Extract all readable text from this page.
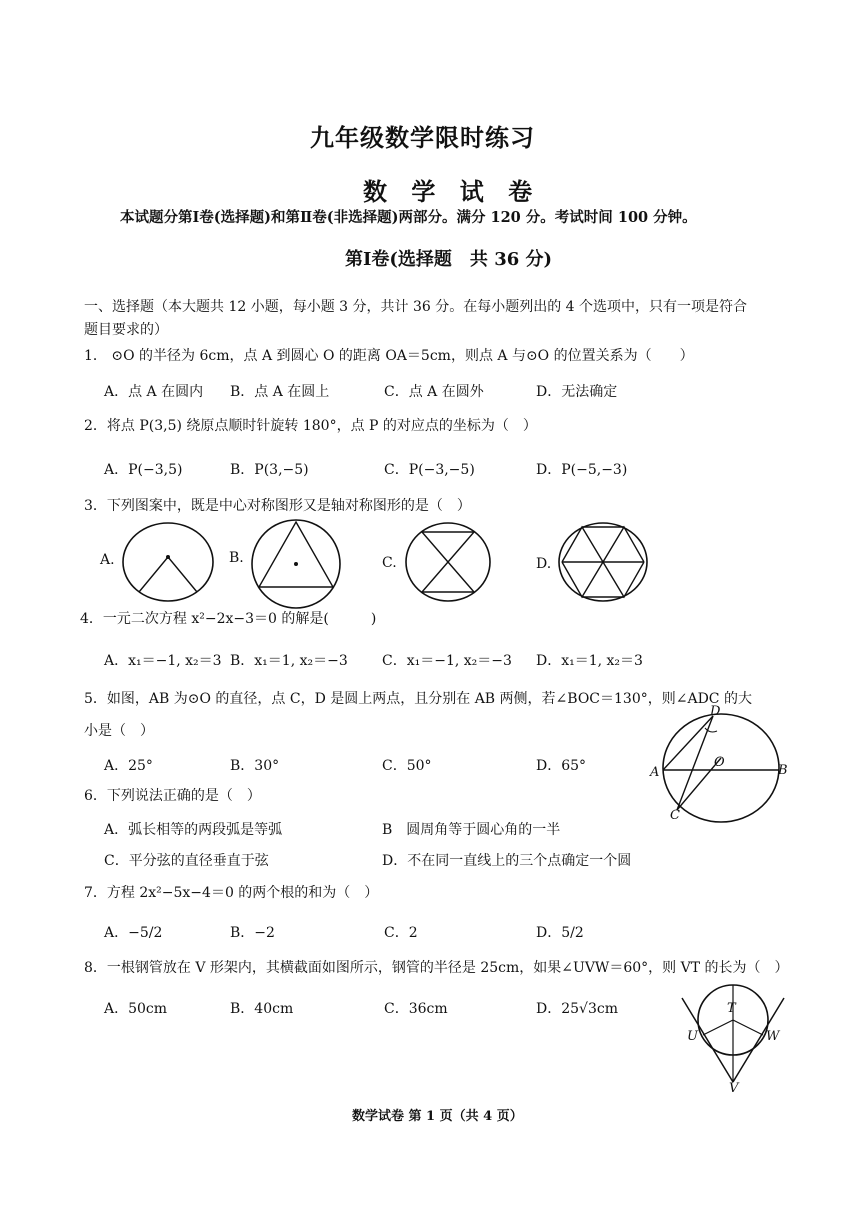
九年级数学限时练习
数 学 试 卷
本试题分第Ⅰ卷(选择题)和第Ⅱ卷(非选择题)两部分。满分 120 分。考试时间 100 分钟。
第Ⅰ卷(选择题　共 36 分)
一、选择题（本大题共 12 小题，每小题 3 分，共计 36 分。在每小题列出的 4 个选项中，只有一项是符合
题目要求的）
1． ⊙O 的半径为 6cm，点 A 到圆心 O 的距离 OA＝5cm，则点 A 与⊙O 的位置关系为（　　）
A．点 A 在圆内 B．点 A 在圆上	C．点 A 在圆外	D．无法确定
2．将点 P(3,5) 绕原点顺时针旋转 180°，点 P 的对应点的坐标为（　）
A．P(−3,5)	B．P(3,−5)	C．P(−3,−5)	D．P(−5,−3)
3．下列图案中，既是中心对称图形又是轴对称图形的是（　）
A.	B.	C.	D.
4．一元二次方程 x²−2x−3＝0 的解是(　　　)
A．x₁＝−1, x₂＝3 B．x₁＝1, x₂＝−3 C．x₁＝−1, x₂＝−3 D．x₁＝1, x₂＝3
5．如图，AB 为⊙O 的直径，点 C，D 是圆上两点，且分别在 AB 两侧，若∠BOC＝130°，则∠ADC 的大
小是（　）
A．25°	B．30°	C．50°	D．65°
D
O
A	B
C
6．下列说法正确的是（　）
A．弧长相等的两段弧是等弧	B　圆周角等于圆心角的一半
C．平分弦的直径垂直于弦	D．不在同一直线上的三个点确定一个圆
7．方程 2x²−5x−4＝0 的两个根的和为（　）
A．−5/2	B．−2	C．2	D．5/2
8．一根钢管放在 V 形架内，其横截面如图所示，钢管的半径是 25cm，如果∠UVW＝60°，则 VT 的长为（　）
A．50cm	B．40cm	C．36cm	D．25√3cm	T
U	W
V
数学试卷 第 1 页（共 4 页）
